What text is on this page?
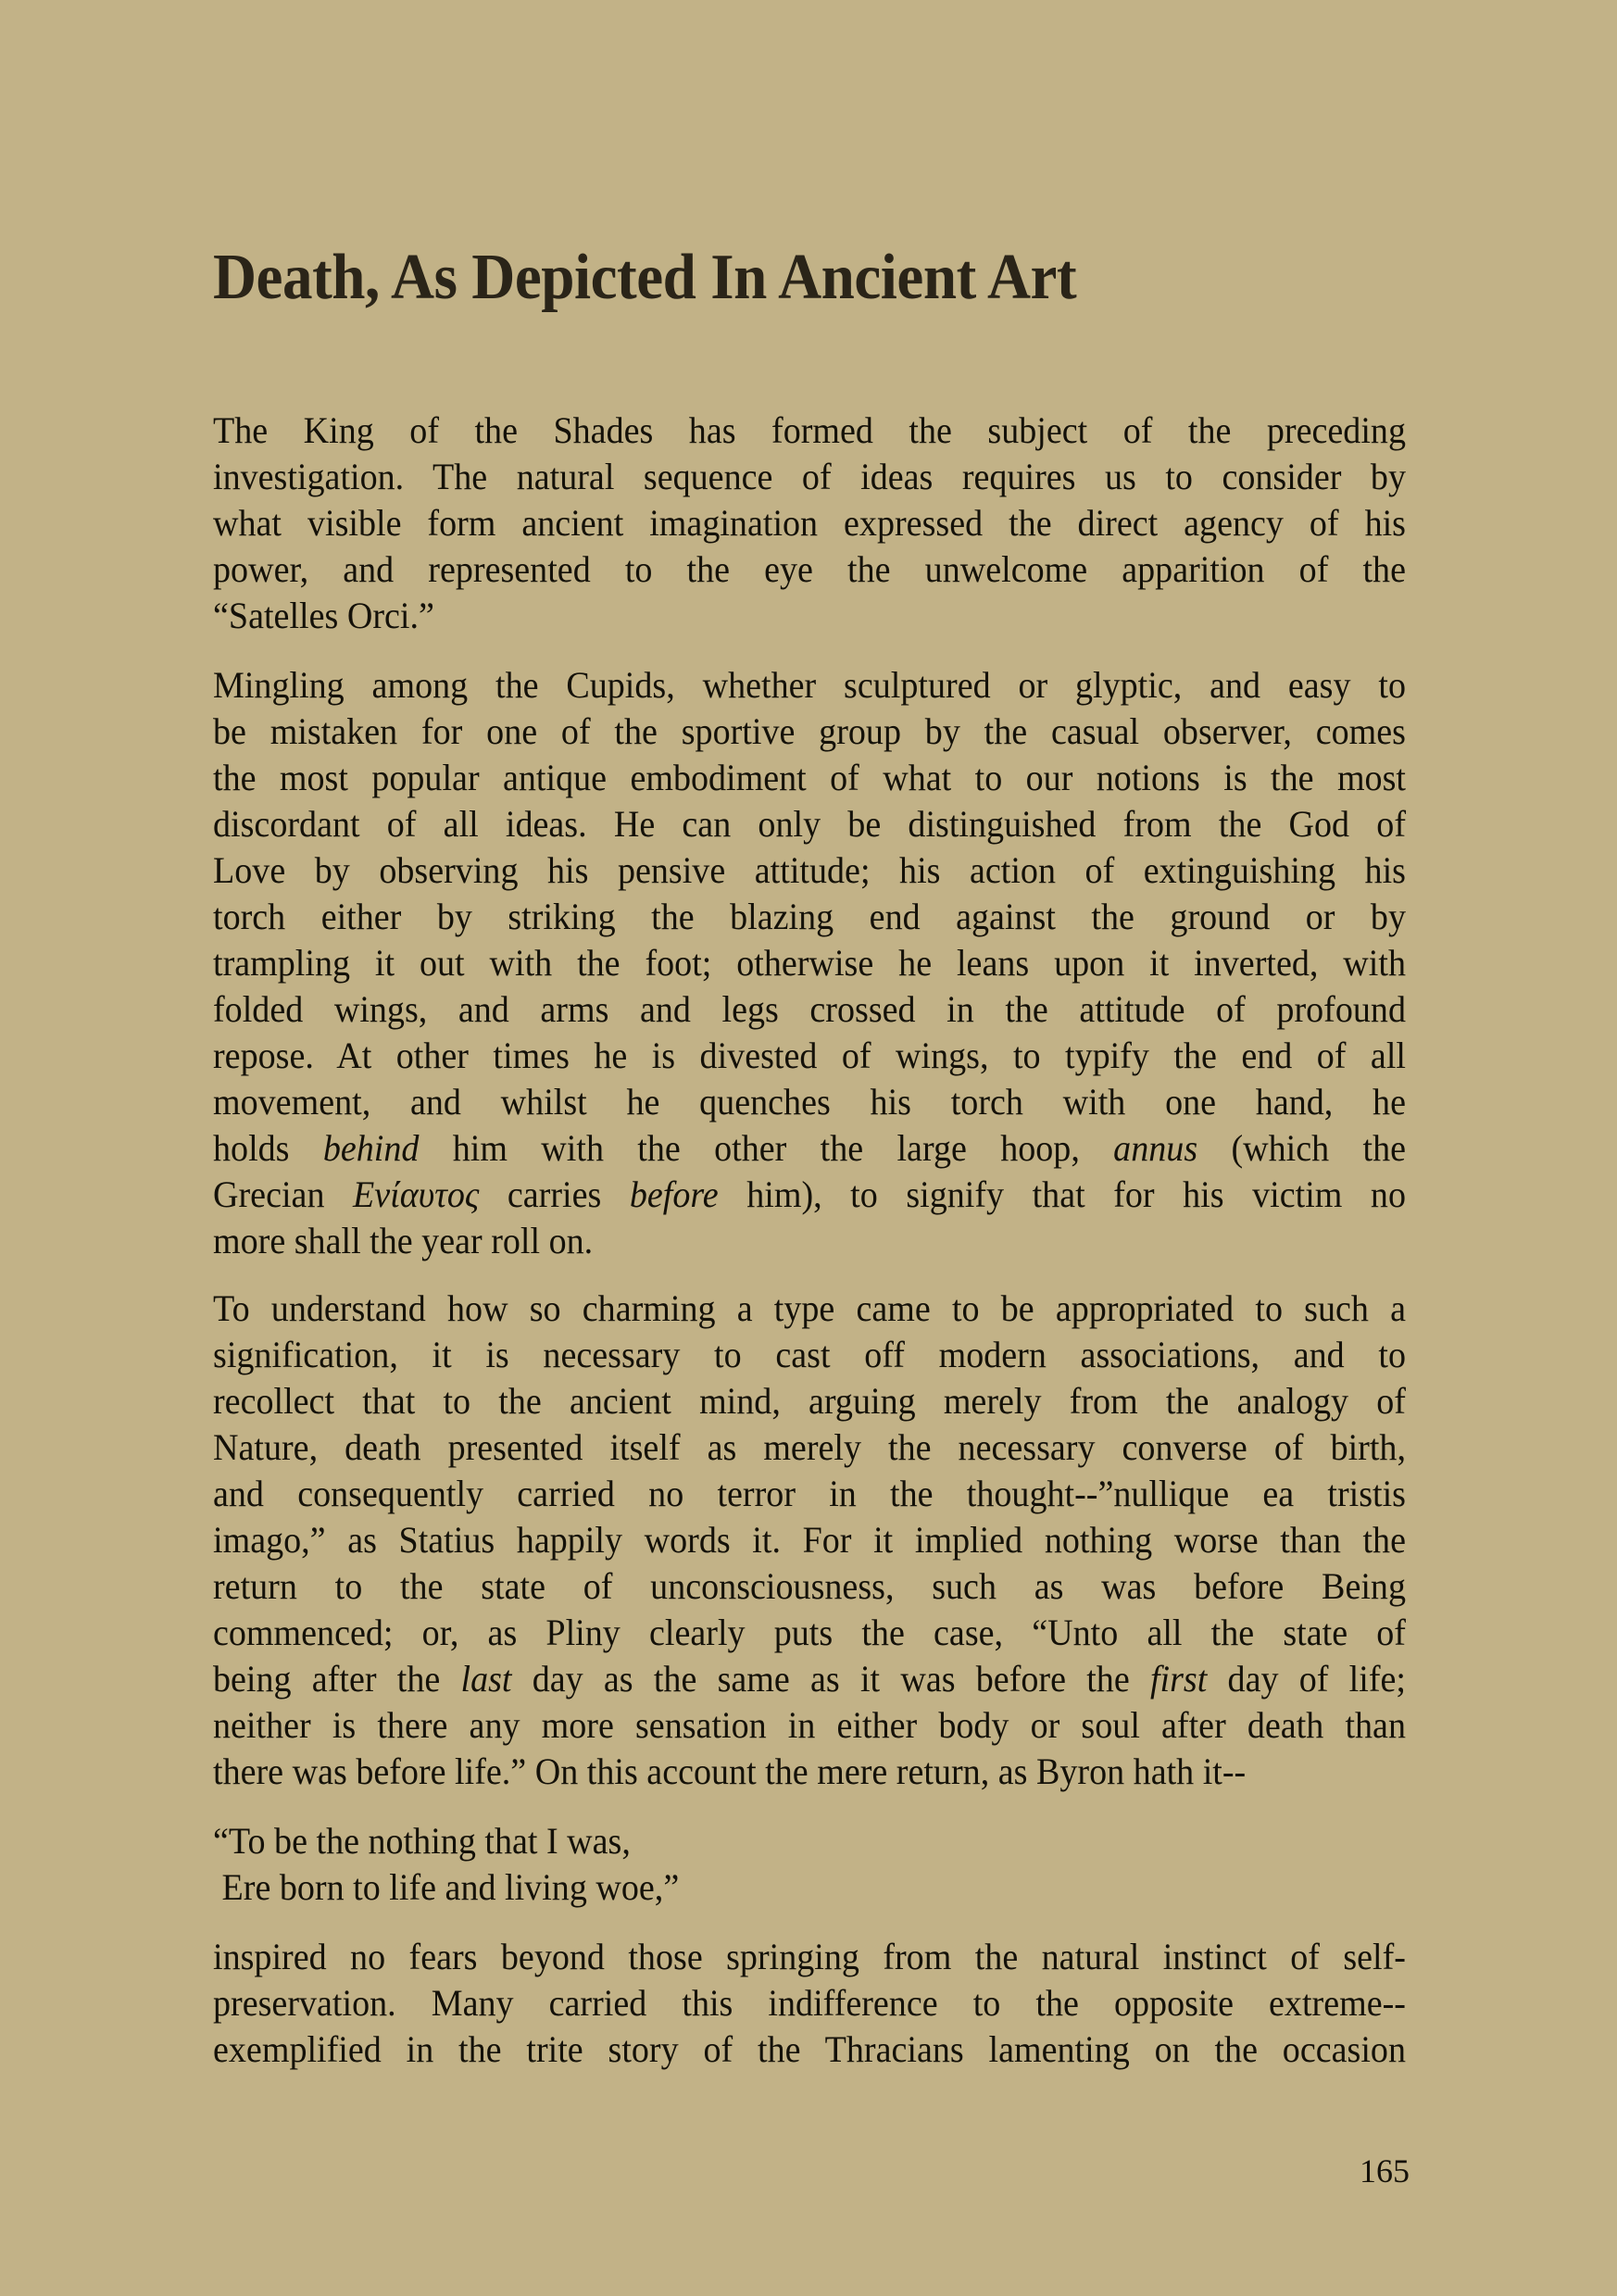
Death, As Depicted In Ancient Art
The King of the Shades has formed the subject of the preceding
investigation. The natural sequence of ideas requires us to consider by
what visible form ancient imagination expressed the direct agency of his
power, and represented to the eye the unwelcome apparition of the
“Satelles Orci.”
Mingling among the Cupids, whether sculptured or glyptic, and easy to
be mistaken for one of the sportive group by the casual observer, comes
the most popular antique embodiment of what to our notions is the most
discordant of all ideas. He can only be distinguished from the God of
Love by observing his pensive attitude; his action of extinguishing his
torch either by striking the blazing end against the ground or by
trampling it out with the foot; otherwise he leans upon it inverted, with
folded wings, and arms and legs crossed in the attitude of profound
repose. At other times he is divested of wings, to typify the end of all
movement, and whilst he quenches his torch with one hand, he
holds behind him with the other the large hoop, annus (which the
Grecian Ενίαυτος carries before him), to signify that for his victim no
more shall the year roll on.
To understand how so charming a type came to be appropriated to such a
signification, it is necessary to cast off modern associations, and to
recollect that to the ancient mind, arguing merely from the analogy of
Nature, death presented itself as merely the necessary converse of birth,
and consequently carried no terror in the thought--”nullique ea tristis
imago,” as Statius happily words it. For it implied nothing worse than the
return to the state of unconsciousness, such as was before Being
commenced; or, as Pliny clearly puts the case, “Unto all the state of
being after the last day as the same as it was before the first day of life;
neither is there any more sensation in either body or soul after death than
there was before life.” On this account the mere return, as Byron hath it--
“To be the nothing that I was,
Ere born to life and living woe,”
inspired no fears beyond those springing from the natural instinct of self-
preservation. Many carried this indifference to the opposite extreme--
exemplified in the trite story of the Thracians lamenting on the occasion
165
